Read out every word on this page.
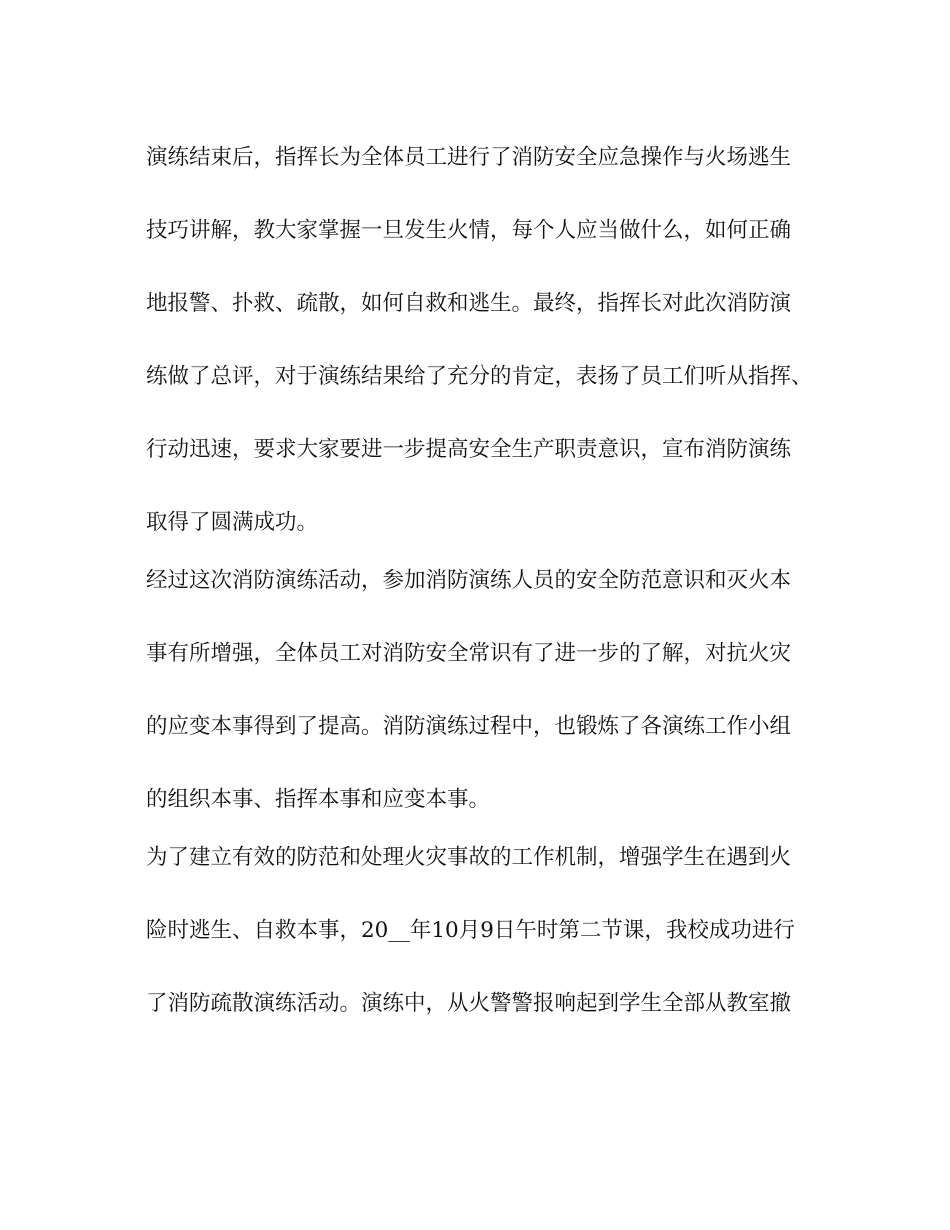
演练结束后，指挥长为全体员工进行了消防安全应急操作与火场逃生
技巧讲解，教大家掌握一旦发生火情，每个人应当做什么，如何正确
地报警、扑救、疏散，如何自救和逃生。最终，指挥长对此次消防演
练做了总评，对于演练结果给了充分的肯定，表扬了员工们听从指挥、
行动迅速，要求大家要进一步提高安全生产职责意识，宣布消防演练
取得了圆满成功。
经过这次消防演练活动，参加消防演练人员的安全防范意识和灭火本
事有所增强，全体员工对消防安全常识有了进一步的了解，对抗火灾
的应变本事得到了提高。消防演练过程中，也锻炼了各演练工作小组
的组织本事、指挥本事和应变本事。
为了建立有效的防范和处理火灾事故的工作机制，增强学生在遇到火
险时逃生、自救本事，20__年10月9日午时第二节课，我校成功进行
了消防疏散演练活动。演练中，从火警警报响起到学生全部从教室撤
